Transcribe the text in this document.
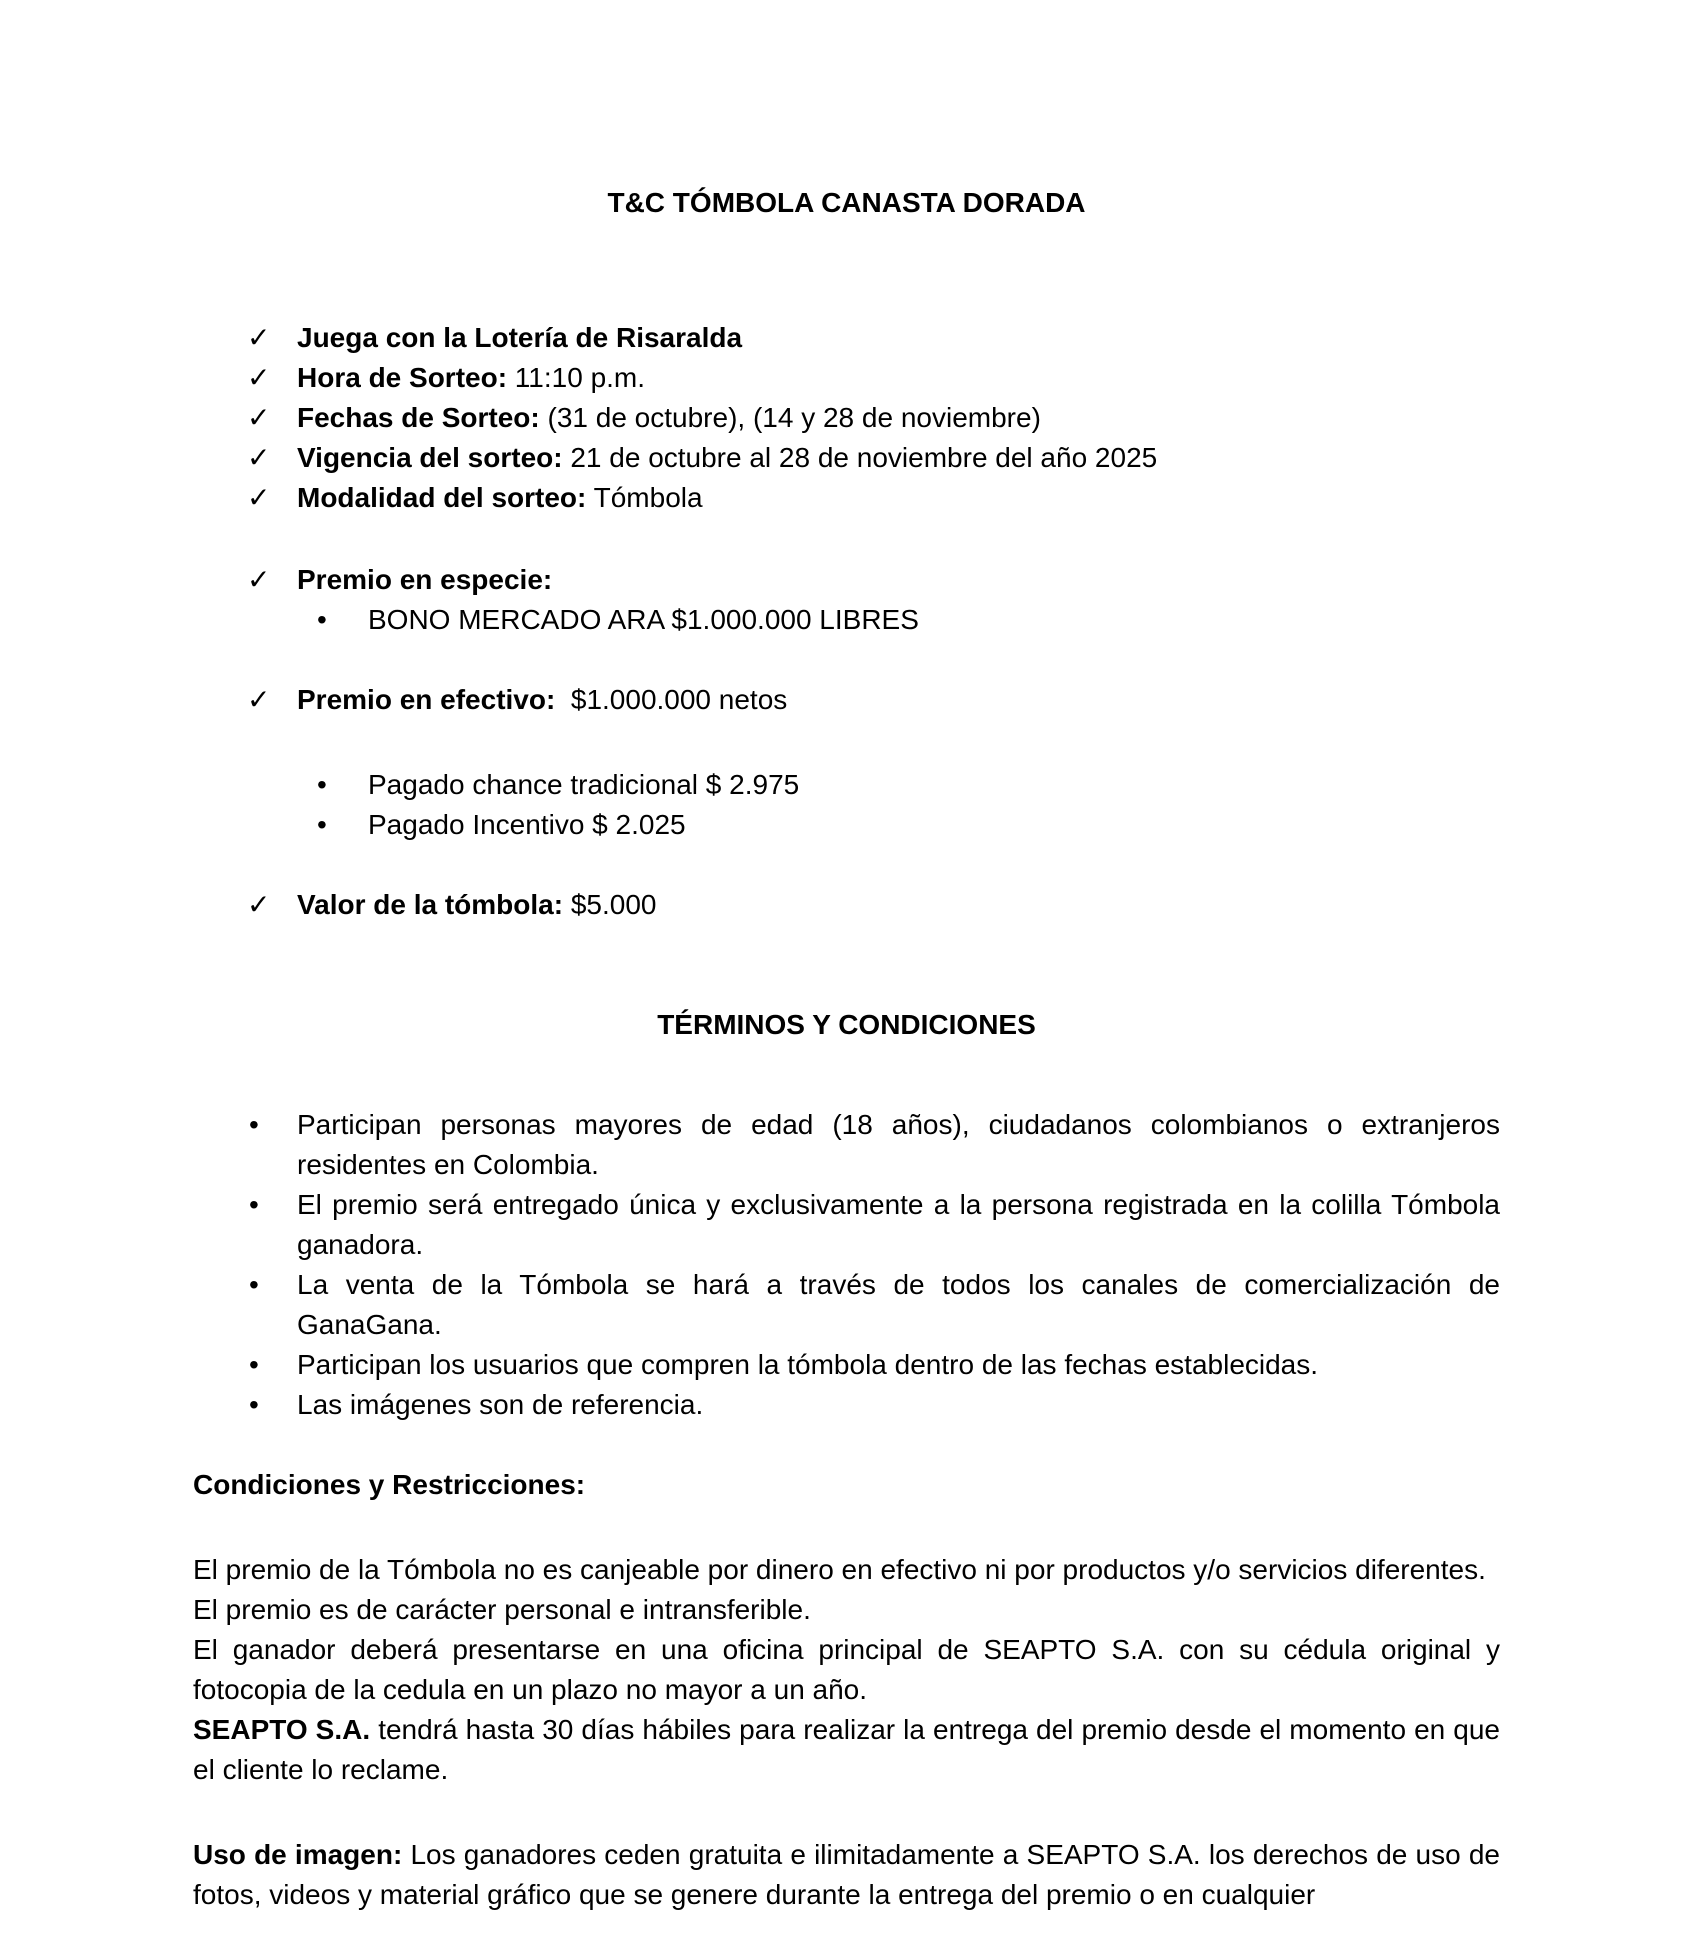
T&C TÓMBOLA CANASTA DORADA
✓ Juega con la Lotería de Risaralda
✓ Hora de Sorteo: 11:10 p.m.
✓ Fechas de Sorteo: (31 de octubre), (14 y 28 de noviembre)
✓ Vigencia del sorteo: 21 de octubre al 28 de noviembre del año 2025
✓ Modalidad del sorteo: Tómbola
✓ Premio en especie:
• BONO MERCADO ARA $1.000.000 LIBRES
✓ Premio en efectivo:  $1.000.000 netos
• Pagado chance tradicional $ 2.975
• Pagado Incentivo $ 2.025
✓ Valor de la tómbola: $5.000
TÉRMINOS Y CONDICIONES
• Participan personas mayores de edad (18 años), ciudadanos colombianos o extranjeros residentes en Colombia.
• El premio será entregado única y exclusivamente a la persona registrada en la colilla Tómbola ganadora.
• La venta de la Tómbola se hará a través de todos los canales de comercialización de GanaGana.
• Participan los usuarios que compren la tómbola dentro de las fechas establecidas.
• Las imágenes son de referencia.
Condiciones y Restricciones:

El premio de la Tómbola no es canjeable por dinero en efectivo ni por productos y/o servicios diferentes.

El premio es de carácter personal e intransferible.

El ganador deberá presentarse en una oficina principal de SEAPTO S.A. con su cédula original y fotocopia de la cedula en un plazo no mayor a un año.

SEAPTO S.A. tendrá hasta 30 días hábiles para realizar la entrega del premio desde el momento en que el cliente lo reclame.

Uso de imagen: Los ganadores ceden gratuita e ilimitadamente a SEAPTO S.A. los derechos de uso de fotos, videos y material gráfico que se genere durante la entrega del premio o en cualquier
